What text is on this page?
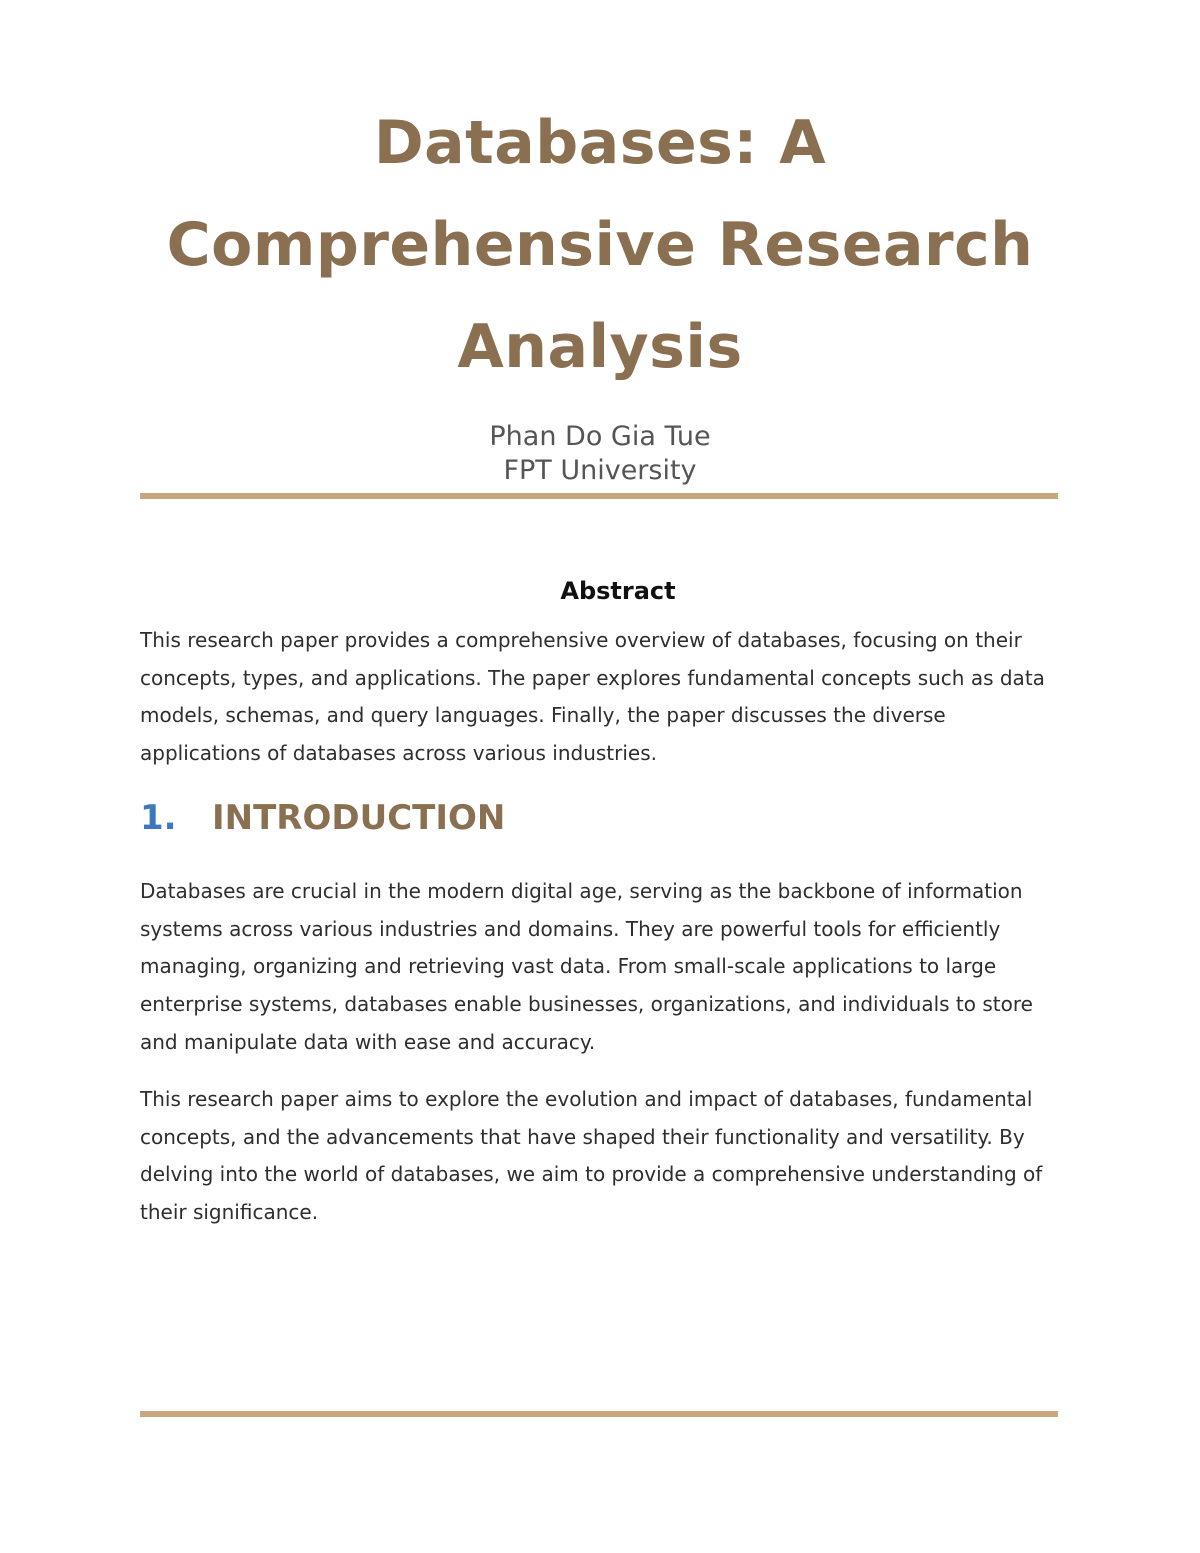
Databases: A Comprehensive Research Analysis
Phan Do Gia Tue
FPT University
Abstract

This research paper provides a comprehensive overview of databases, focusing on their concepts, types, and applications. The paper explores fundamental concepts such as data models, schemas, and query languages. Finally, the paper discusses the diverse applications of databases across various industries.

1. INTRODUCTION

Databases are crucial in the modern digital age, serving as the backbone of information systems across various industries and domains. They are powerful tools for efficiently managing, organizing and retrieving vast data. From small-scale applications to large enterprise systems, databases enable businesses, organizations, and individuals to store and manipulate data with ease and accuracy.

This research paper aims to explore the evolution and impact of databases, fundamental concepts, and the advancements that have shaped their functionality and versatility. By delving into the world of databases, we aim to provide a comprehensive understanding of their significance.
